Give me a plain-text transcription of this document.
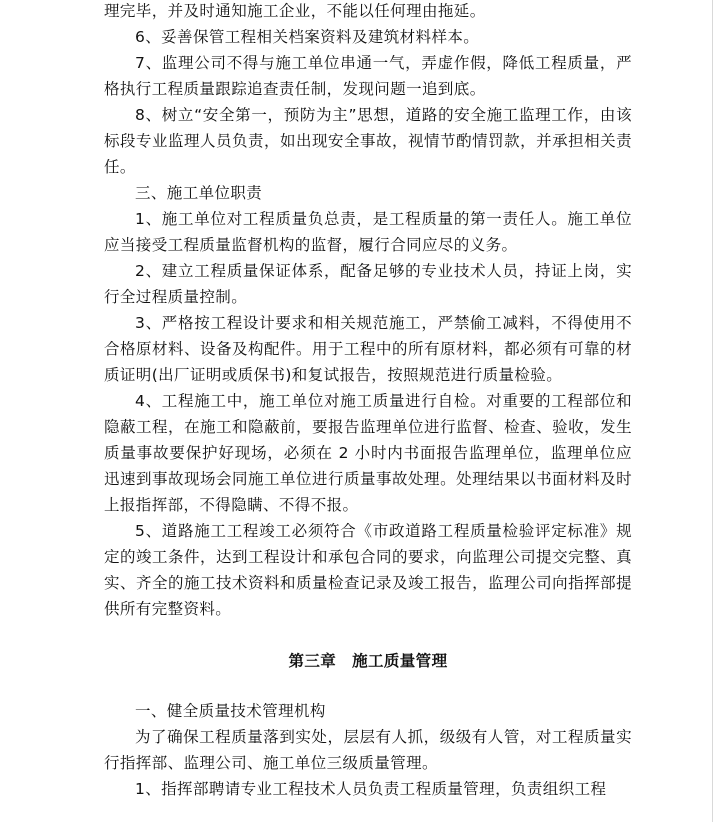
理完毕，并及时通知施工企业，不能以任何理由拖延。

6、妥善保管工程相关档案资料及建筑材料样本。

7、监理公司不得与施工单位串通一气，弄虚作假，降低工程质量，严格执行工程质量跟踪追查责任制，发现问题一追到底。

8、树立“安全第一，预防为主”思想，道路的安全施工监理工作，由该标段专业监理人员负责，如出现安全事故，视情节酌情罚款，并承担相关责任。

三、施工单位职责

1、施工单位对工程质量负总责，是工程质量的第一责任人。施工单位应当接受工程质量监督机构的监督，履行合同应尽的义务。

2、建立工程质量保证体系，配备足够的专业技术人员，持证上岗，实行全过程质量控制。

3、严格按工程设计要求和相关规范施工，严禁偷工减料，不得使用不合格原材料、设备及构配件。用于工程中的所有原材料，都必须有可靠的材质证明(出厂证明或质保书)和复试报告，按照规范进行质量检验。

4、工程施工中，施工单位对施工质量进行自检。对重要的工程部位和隐蔽工程，在施工和隐蔽前，要报告监理单位进行监督、检查、验收，发生质量事故要保护好现场，必须在 2 小时内书面报告监理单位，监理单位应迅速到事故现场会同施工单位进行质量事故处理。处理结果以书面材料及时上报指挥部，不得隐瞒、不得不报。

5、道路施工工程竣工必须符合《市政道路工程质量检验评定标准》规定的竣工条件，达到工程设计和承包合同的要求，向监理公司提交完整、真实、齐全的施工技术资料和质量检查记录及竣工报告，监理公司向指挥部提供所有完整资料。

第三章　施工质量管理

一、健全质量技术管理机构

为了确保工程质量落到实处，层层有人抓，级级有人管，对工程质量实行指挥部、监理公司、施工单位三级质量管理。

1、指挥部聘请专业工程技术人员负责工程质量管理，负责组织工程
